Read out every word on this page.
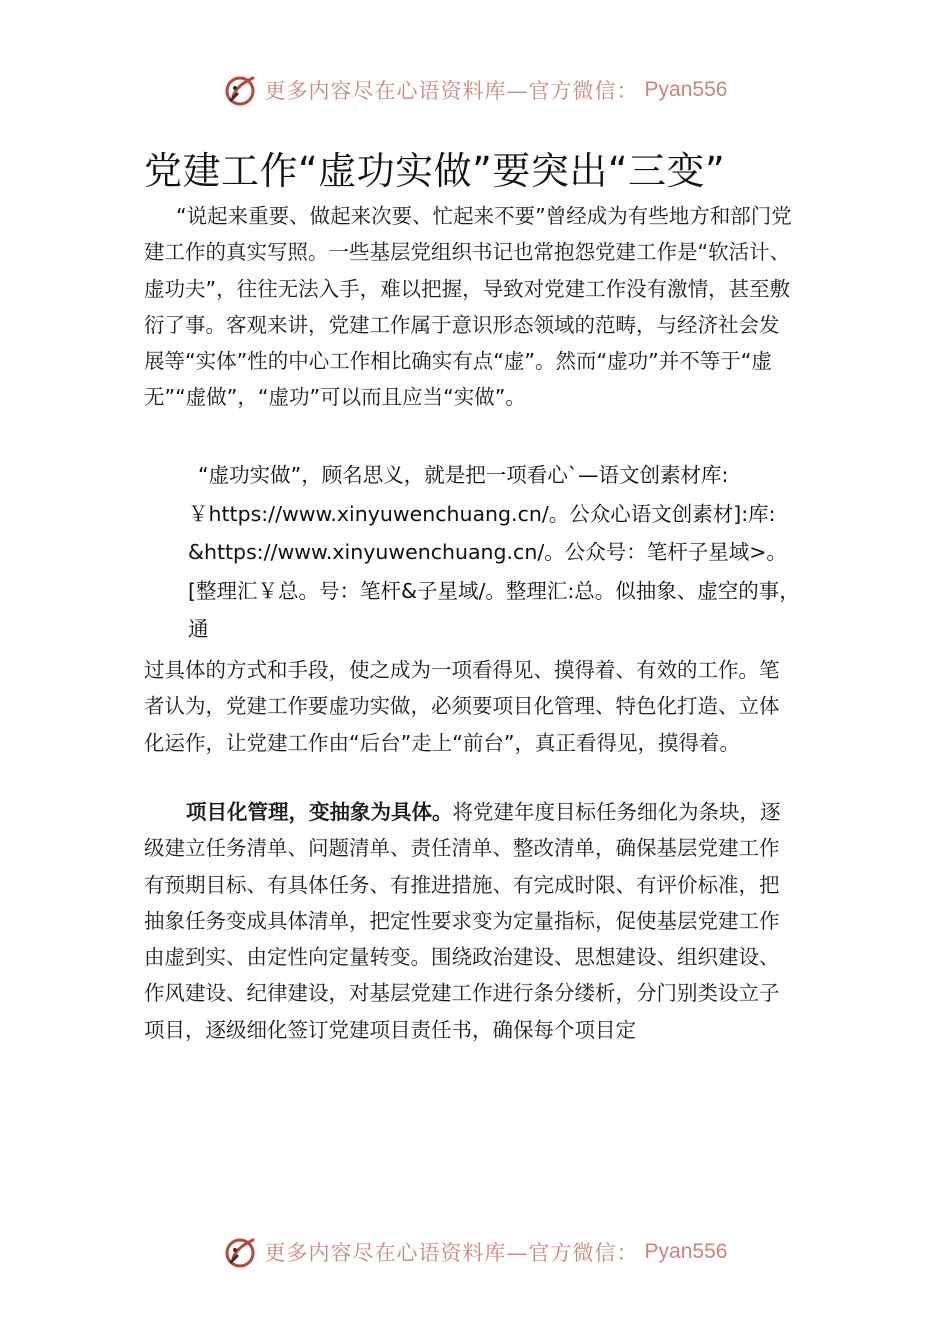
更多内容尽在心语资料库—官方微信： Pyan556
党建工作“虚功实做”要突出“三变”

“说起来重要、做起来次要、忙起来不要”曾经成为有些地方和部门党建工作的真实写照。一些基层党组织书记也常抱怨党建工作是“软活计、虚功夫”，往往无法入手，难以把握，导致对党建工作没有激情，甚至敷衍了事。客观来讲，党建工作属于意识形态领域的范畴，与经济社会发展等“实体”性的中心工作相比确实有点“虚”。然而“虚功”并不等于“虚无”“虚做”，“虚功”可以而且应当“实做”。

“虚功实做”，顾名思义，就是把一项看心`—语文创素材库:
￥https://www.xinyuwenchuang.cn/。公众心语文创素材]:库:
&https://www.xinyuwenchuang.cn/。公众号：笔杆子星域>。
[整理汇￥总。号：笔杆&子星域/。整理汇:总。似抽象、虚空的事，
通

过具体的方式和手段，使之成为一项看得见、摸得着、有效的工作。笔者认为，党建工作要虚功实做，必须要项目化管理、特色化打造、立体化运作，让党建工作由“后台”走上“前台”，真正看得见，摸得着。

项目化管理，变抽象为具体。将党建年度目标任务细化为条块，逐级建立任务清单、问题清单、责任清单、整改清单，确保基层党建工作有预期目标、有具体任务、有推进措施、有完成时限、有评价标准，把抽象任务变成具体清单，把定性要求变为定量指标，促使基层党建工作由虚到实、由定性向定量转变。围绕政治建设、思想建设、组织建设、作风建设、纪律建设，对基层党建工作进行条分缕析，分门别类设立子项目，逐级细化签订党建项目责任书，确保每个项目定

更多内容尽在心语资料库—官方微信： Pyan556
